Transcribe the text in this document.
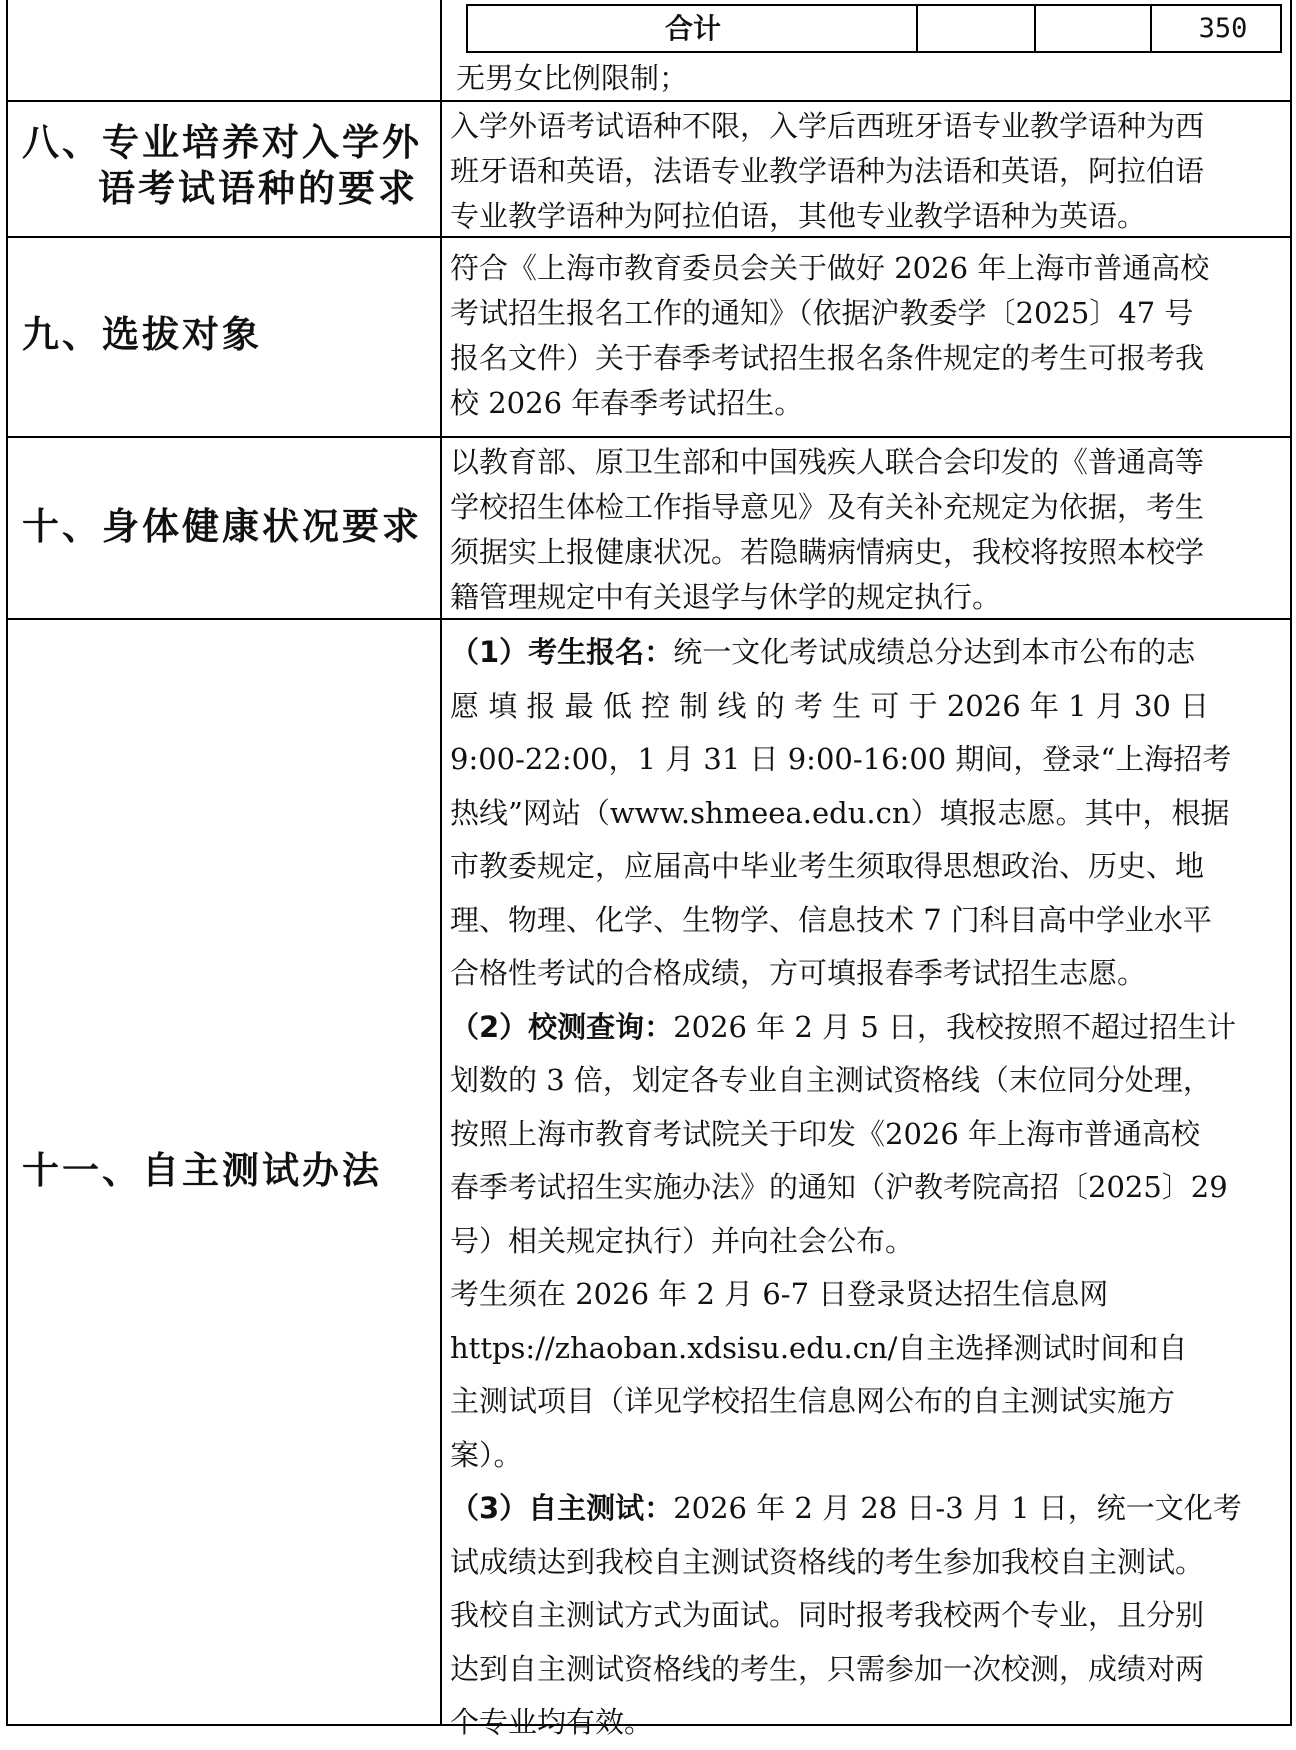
合计	350
无男女比例限制；
八、专业培养对入学外
语考试语种的要求
入学外语考试语种不限，入学后西班牙语专业教学语种为西
班牙语和英语，法语专业教学语种为法语和英语，阿拉伯语
专业教学语种为阿拉伯语，其他专业教学语种为英语。
九、选拔对象
符合《上海市教育委员会关于做好 2026 年上海市普通高校
考试招生报名工作的通知》（依据沪教委学〔2025〕47 号
报名文件）关于春季考试招生报名条件规定的考生可报考我
校 2026 年春季考试招生。
十、身体健康状况要求
以教育部、原卫生部和中国残疾人联合会印发的《普通高等
学校招生体检工作指导意见》及有关补充规定为依据，考生
须据实上报健康状况。若隐瞒病情病史，我校将按照本校学
籍管理规定中有关退学与休学的规定执行。
十一、自主测试办法
（1）考生报名：统一文化考试成绩总分达到本市公布的志
愿 填 报 最 低 控 制 线 的 考 生 可 于 2026 年 1 月 30 日
9:00-22:00，1 月 31 日 9:00-16:00 期间，登录“上海招考
热线”网站（www.shmeea.edu.cn）填报志愿。其中，根据
市教委规定，应届高中毕业考生须取得思想政治、历史、地
理、物理、化学、生物学、信息技术 7 门科目高中学业水平
合格性考试的合格成绩，方可填报春季考试招生志愿。
（2）校测查询：2026 年 2 月 5 日，我校按照不超过招生计
划数的 3 倍，划定各专业自主测试资格线（末位同分处理，
按照上海市教育考试院关于印发《2026 年上海市普通高校
春季考试招生实施办法》的通知（沪教考院高招〔2025〕29
号）相关规定执行）并向社会公布。
考生须在 2026 年 2 月 6-7 日登录贤达招生信息网
https://zhaoban.xdsisu.edu.cn/自主选择测试时间和自
主测试项目（详见学校招生信息网公布的自主测试实施方
案）。
（3）自主测试：2026 年 2 月 28 日-3 月 1 日，统一文化考
试成绩达到我校自主测试资格线的考生参加我校自主测试。
我校自主测试方式为面试。同时报考我校两个专业，且分别
达到自主测试资格线的考生，只需参加一次校测，成绩对两
个专业均有效。
